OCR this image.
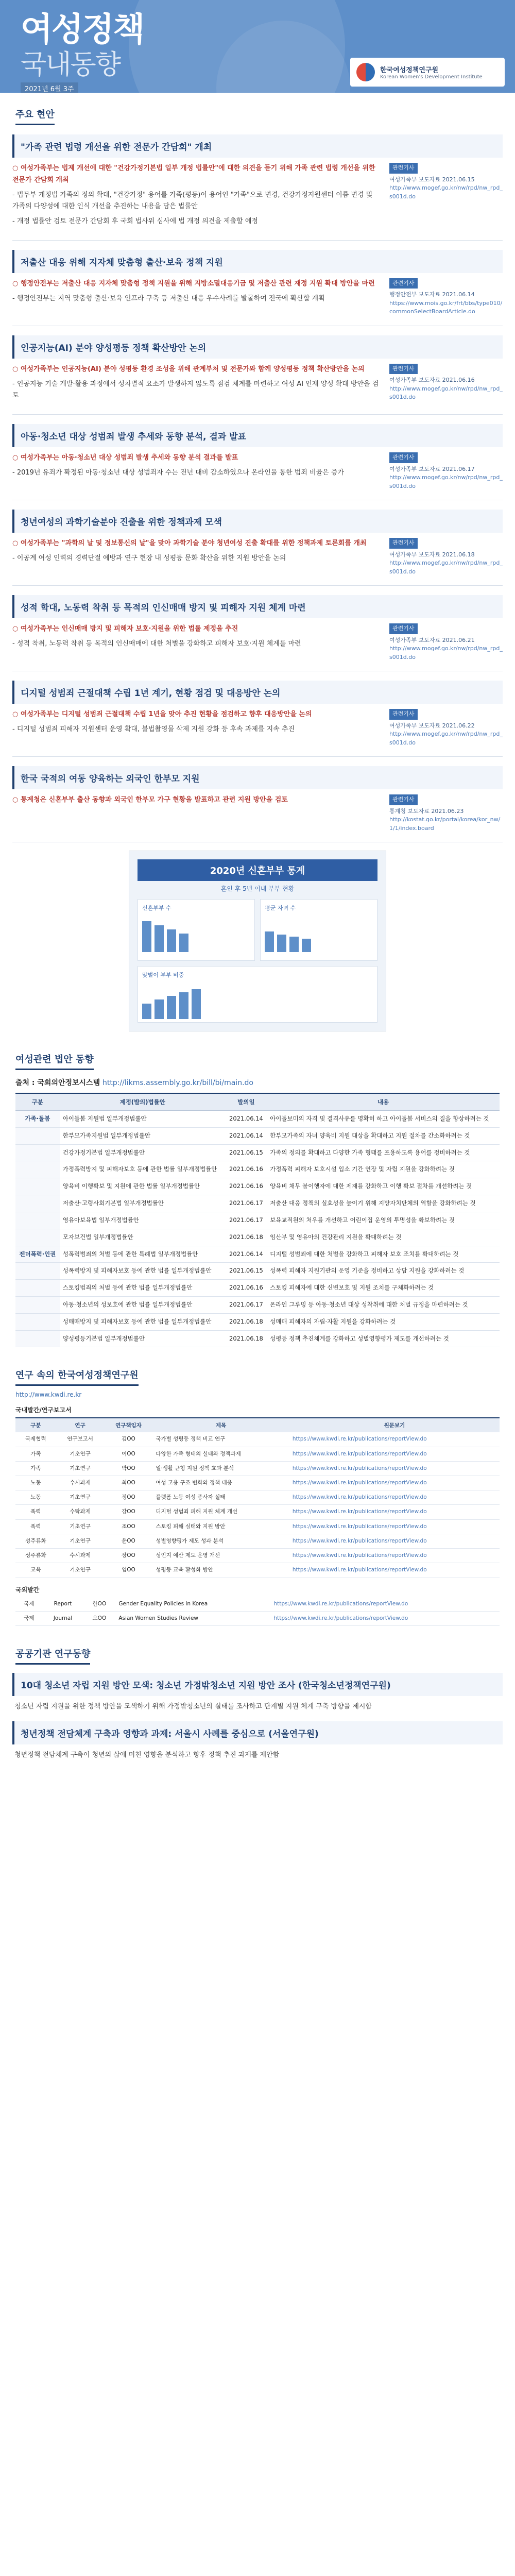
여성정책
국내동향
2021년 6월 3주
한국여성정책연구원
Korean Women's Development Institute
주요 현안
"가족 관련 법령 개선을 위한 전문가 간담회" 개최

○ 여성가족부는 법제 개선에 대한 "건강가정기본법 일부 개정 법률안"에 대한 의견을 듣기 위해 가족 관련 법령 개선을 위한 전문가 간담회 개최

- 법무부 개정법 가족의 정의 확대, "건강가정" 용어를 가족(평등)이 용어인 "가족"으로 변경, 건강가정지원센터 이름 변경 및 가족의 다양성에 대한 인식 개선을 추진하는 내용을 담은 법률안

- 개정 법률안 검토 전문가 간담회 후 국회 법사위 심사에 법 개정 의견을 제출할 예정

관련기사
여성가족부 보도자료 2021.06.15
http://www.mogef.go.kr/nw/rpd/nw_rpd_s001d.do
저출산 대응 위해 지자체 맞춤형 출산·보육 정책 지원

○ 행정안전부는 저출산 대응 지자체 맞춤형 정책 지원을 위해 지방소멸대응기금 및 저출산 관련 재정 지원 확대 방안을 마련

- 행정안전부는 지역 맞춤형 출산·보육 인프라 구축 등 저출산 대응 우수사례를 발굴하여 전국에 확산할 계획

관련기사
행정안전부 보도자료 2021.06.14
https://www.mois.go.kr/frt/bbs/type010/commonSelectBoardArticle.do
인공지능(AI) 분야 양성평등 정책 확산방안 논의

○ 여성가족부는 인공지능(AI) 분야 성평등 환경 조성을 위해 관계부처 및 전문가와 함께 양성평등 정책 확산방안을 논의

- 인공지능 기술 개발·활용 과정에서 성차별적 요소가 발생하지 않도록 점검 체계를 마련하고 여성 AI 인재 양성 확대 방안을 검토

관련기사
여성가족부 보도자료 2021.06.16
http://www.mogef.go.kr/nw/rpd/nw_rpd_s001d.do
아동·청소년 대상 성범죄 발생 추세와 동향 분석, 결과 발표

○ 여성가족부는 아동·청소년 대상 성범죄 발생 추세와 동향 분석 결과를 발표

- 2019년 유죄가 확정된 아동·청소년 대상 성범죄자 수는 전년 대비 감소하였으나 온라인을 통한 범죄 비율은 증가

관련기사
여성가족부 보도자료 2021.06.17
http://www.mogef.go.kr/nw/rpd/nw_rpd_s001d.do
청년여성의 과학기술분야 진출을 위한 정책과제 모색

○ 여성가족부는 "과학의 날 및 정보통신의 날"을 맞아 과학기술 분야 청년여성 진출 확대를 위한 정책과제 토론회를 개최

- 이공계 여성 인력의 경력단절 예방과 연구 현장 내 성평등 문화 확산을 위한 지원 방안을 논의

관련기사
여성가족부 보도자료 2021.06.18
http://www.mogef.go.kr/nw/rpd/nw_rpd_s001d.do
성적 학대, 노동력 착취 등 목적의 인신매매 방지 및 피해자 지원 체계 마련

○ 여성가족부는 인신매매 방지 및 피해자 보호·지원을 위한 법률 제정을 추진

- 성적 착취, 노동력 착취 등 목적의 인신매매에 대한 처벌을 강화하고 피해자 보호·지원 체계를 마련

관련기사
여성가족부 보도자료 2021.06.21
http://www.mogef.go.kr/nw/rpd/nw_rpd_s001d.do
디지털 성범죄 근절대책 수립 1년 계기, 현황 점검 및 대응방안 논의

○ 여성가족부는 디지털 성범죄 근절대책 수립 1년을 맞아 추진 현황을 점검하고 향후 대응방안을 논의

- 디지털 성범죄 피해자 지원센터 운영 확대, 불법촬영물 삭제 지원 강화 등 후속 과제를 지속 추진

관련기사
여성가족부 보도자료 2021.06.22
http://www.mogef.go.kr/nw/rpd/nw_rpd_s001d.do
한국 국적의 여동 양육하는 외국인 한부모 지원

○ 통계청은 신혼부부 출산 동향과 외국인 한부모 가구 현황을 발표하고 관련 지원 방안을 검토	관련기사
통계청 보도자료 2021.06.23
http://kostat.go.kr/portal/korea/kor_nw/1/1/index.board
2020년 신혼부부 통계
혼인 후 5년 이내 부부 현황
신혼부부 수	평균 자녀 수
맞벌이 부부 비중
여성관련 법안 동향
출처 : 국회의안정보시스템 http://likms.assembly.go.kr/bill/bi/main.do
구분	제정(발의)법률안	발의일	내용
가족·돌봄	아이돌봄 지원법 일부개정법률안	2021.06.14	아이돌보미의 자격 및 결격사유를 명확히 하고 아이돌봄 서비스의 질을 향상하려는 것
	한부모가족지원법 일부개정법률안	2021.06.14	한부모가족의 자녀 양육비 지원 대상을 확대하고 지원 절차를 간소화하려는 것
	건강가정기본법 일부개정법률안	2021.06.15	가족의 정의를 확대하고 다양한 가족 형태를 포용하도록 용어를 정비하려는 것
	가정폭력방지 및 피해자보호 등에 관한 법률 일부개정법률안	2021.06.16	가정폭력 피해자 보호시설 입소 기간 연장 및 자립 지원을 강화하려는 것
	양육비 이행확보 및 지원에 관한 법률 일부개정법률안	2021.06.16	양육비 채무 불이행자에 대한 제재를 강화하고 이행 확보 절차를 개선하려는 것
	저출산·고령사회기본법 일부개정법률안	2021.06.17	저출산 대응 정책의 실효성을 높이기 위해 지방자치단체의 역할을 강화하려는 것
	영유아보육법 일부개정법률안	2021.06.17	보육교직원의 처우를 개선하고 어린이집 운영의 투명성을 확보하려는 것
	모자보건법 일부개정법률안	2021.06.18	임산부 및 영유아의 건강관리 지원을 확대하려는 것
젠더폭력·인권	성폭력범죄의 처벌 등에 관한 특례법 일부개정법률안	2021.06.14	디지털 성범죄에 대한 처벌을 강화하고 피해자 보호 조치를 확대하려는 것
	성폭력방지 및 피해자보호 등에 관한 법률 일부개정법률안	2021.06.15	성폭력 피해자 지원기관의 운영 기준을 정비하고 상담 지원을 강화하려는 것
	스토킹범죄의 처벌 등에 관한 법률 일부개정법률안	2021.06.16	스토킹 피해자에 대한 신변보호 및 지원 조치를 구체화하려는 것
	아동·청소년의 성보호에 관한 법률 일부개정법률안	2021.06.17	온라인 그루밍 등 아동·청소년 대상 성착취에 대한 처벌 규정을 마련하려는 것
	성매매방지 및 피해자보호 등에 관한 법률 일부개정법률안	2021.06.18	성매매 피해자의 자립·자활 지원을 강화하려는 것
	양성평등기본법 일부개정법률안	2021.06.18	성평등 정책 추진체계를 강화하고 성별영향평가 제도를 개선하려는 것
연구 속의 한국여성정책연구원
http://www.kwdi.re.kr
국내발간/연구보고서
구분	연구	연구책임자	제목	원문보기
국제협력	연구보고서	김OO	국가별 성평등 정책 비교 연구	https://www.kwdi.re.kr/publications/reportView.do
가족	기초연구	이OO	다양한 가족 형태의 실태와 정책과제	https://www.kwdi.re.kr/publications/reportView.do
가족	기초연구	박OO	일·생활 균형 지원 정책 효과 분석	https://www.kwdi.re.kr/publications/reportView.do
노동	수시과제	최OO	여성 고용 구조 변화와 정책 대응	https://www.kwdi.re.kr/publications/reportView.do
노동	기초연구	정OO	플랫폼 노동 여성 종사자 실태	https://www.kwdi.re.kr/publications/reportView.do
폭력	수탁과제	강OO	디지털 성범죄 피해 지원 체계 개선	https://www.kwdi.re.kr/publications/reportView.do
폭력	기초연구	조OO	스토킹 피해 실태와 지원 방안	https://www.kwdi.re.kr/publications/reportView.do
성주류화	기초연구	윤OO	성별영향평가 제도 성과 분석	https://www.kwdi.re.kr/publications/reportView.do
성주류화	수시과제	장OO	성인지 예산 제도 운영 개선	https://www.kwdi.re.kr/publications/reportView.do
교육	기초연구	임OO	성평등 교육 활성화 방안	https://www.kwdi.re.kr/publications/reportView.do
국외발간
국제	Report	한OO	Gender Equality Policies in Korea	https://www.kwdi.re.kr/publications/reportView.do
국제	Journal	오OO	Asian Women Studies Review	https://www.kwdi.re.kr/publications/reportView.do
공공기관 연구동향
10대 청소년 자립 지원 방안 모색: 청소년 가정밖청소년 지원 방안 조사 (한국청소년정책연구원)
청소년 자립 지원을 위한 정책 방안을 모색하기 위해 가정밖청소년의 실태를 조사하고 단계별 지원 체계 구축 방향을 제시함
청년정책 전담체계 구축과 영향과 과제: 서울시 사례를 중심으로 (서울연구원)
청년정책 전담체계 구축이 청년의 삶에 미친 영향을 분석하고 향후 정책 추진 과제를 제안함
